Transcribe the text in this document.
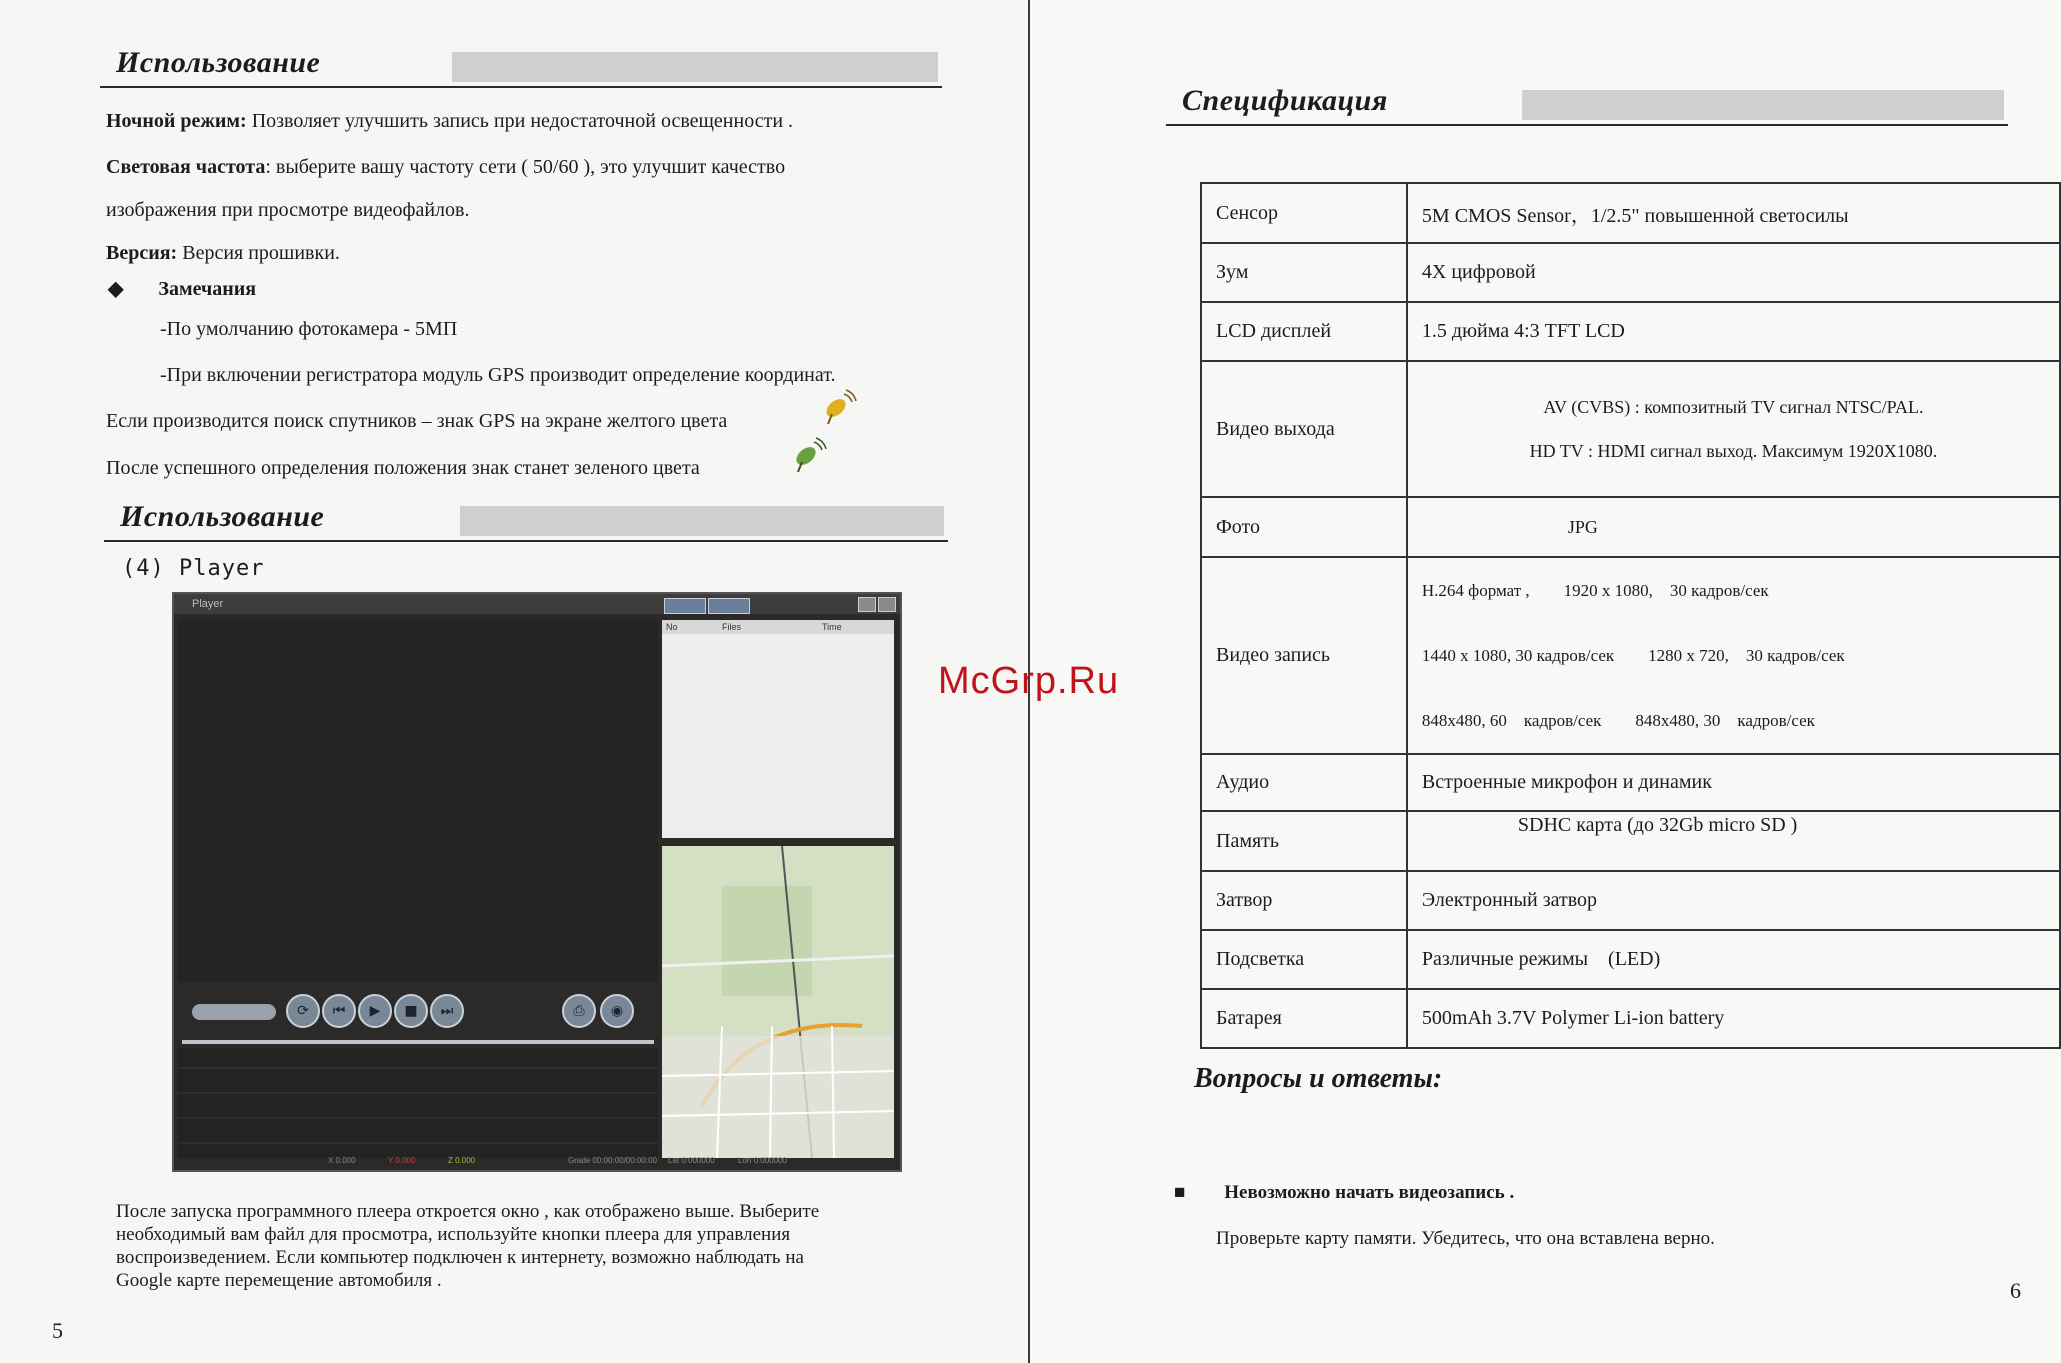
Использование
Ночной режим: Позволяет улучшить запись при недостаточной освещенности .
Световая частота: выберите вашу частоту сети ( 50/60 ), это улучшит качество
изображения при просмотре видеофайлов.
Версия: Версия прошивки.
◆ Замечания
-По умолчанию фотокамера - 5МП
-При включении регистратора модуль GPS производит определение координат.
Если производится поиск спутников – знак GPS на экране желтого цвета
После успешного определения положения знак станет зеленого цвета
Использование
(4) Player
Player
No	Files	Time
⟳	⏮	▶	■	⏭	⎙	◉
X 0.000	Y 0.000	Z 0.000	Grade 00:00:00/00:00:00 Lat 0.000000	Lon 0.000000
После запуска программного плеера откроется окно , как отображено выше. Выберите
необходимый вам файл для просмотра, используйте кнопки плеера для управления
воспроизведением. Если компьютер подключен к интернету, возможно наблюдать на
Google карте перемещение автомобиля .
5
Спецификация
Сенсор	5M CMOS Sensor，1/2.5" повышенной светосилы
Зум	4X цифровой
LCD дисплей	1.5 дюйма 4:3 TFT LCD
Видео выхода	AV (CVBS) : композитный TV сигнал NTSC/PAL.
HD TV : HDMI сигнал выход. Максимум 1920X1080.

Фото	JPG
Видео запись	H.264 формат ,        1920 x 1080,    30 кадров/сек
1440 x 1080, 30 кадров/сек        1280 x 720,    30 кадров/сек
848x480, 60    кадров/сек        848x480, 30    кадров/сек

Аудио	Встроенные микрофон и динамик
Память	SDHC карта (до 32Gb micro SD )
Затвор	Электронный затвор
Подсветка	Различные режимы    (LED)
Батарея	500mAh 3.7V Polymer Li-ion battery
Вопросы и ответы:
■ Невозможно начать видеозапись .
Проверьте карту памяти. Убедитесь, что она вставлена верно.
6
McGrp.Ru
